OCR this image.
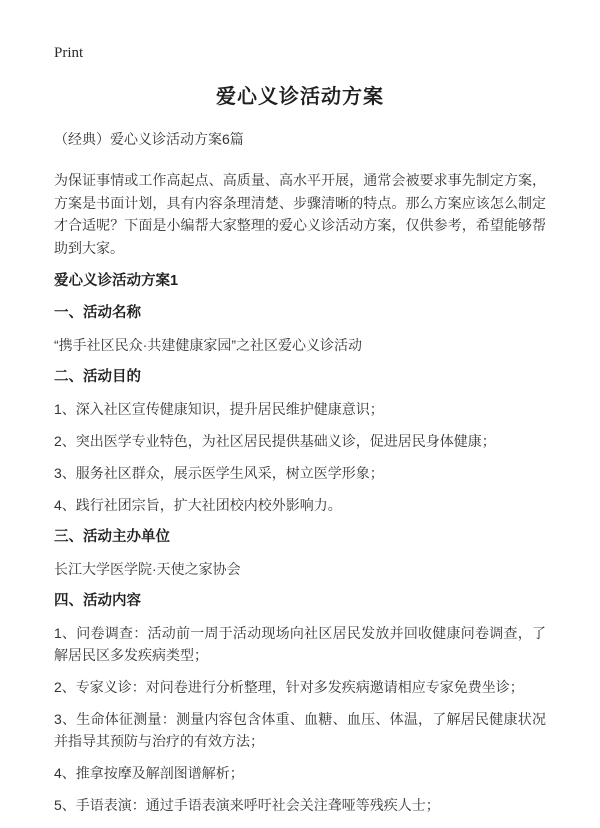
Print
爱心义诊活动方案

（经典）爱心义诊活动方案6篇

为保证事情或工作高起点、高质量、高水平开展，通常会被要求事先制定方案，方案是书面计划，具有内容条理清楚、步骤清晰的特点。那么方案应该怎么制定才合适呢？下面是小编帮大家整理的爱心义诊活动方案，仅供参考，希望能够帮助到大家。

爱心义诊活动方案1
一、活动名称
“携手社区民众·共建健康家园”之社区爱心义诊活动
二、活动目的
1、深入社区宣传健康知识，提升居民维护健康意识；
2、突出医学专业特色，为社区居民提供基础义诊，促进居民身体健康；
3、服务社区群众，展示医学生风采，树立医学形象；
4、践行社团宗旨，扩大社团校内校外影响力。
三、活动主办单位
长江大学医学院·天使之家协会
四、活动内容
1、问卷调查：活动前一周于活动现场向社区居民发放并回收健康问卷调查，了解居民区多发疾病类型；
2、专家义诊：对问卷进行分析整理，针对多发疾病邀请相应专家免费坐诊；
3、生命体征测量：测量内容包含体重、血糖、血压、体温，了解居民健康状况并指导其预防与治疗的有效方法；
4、推拿按摩及解剖图谱解析；
5、手语表演：通过手语表演来呼吁社会关注聋哑等残疾人士；
